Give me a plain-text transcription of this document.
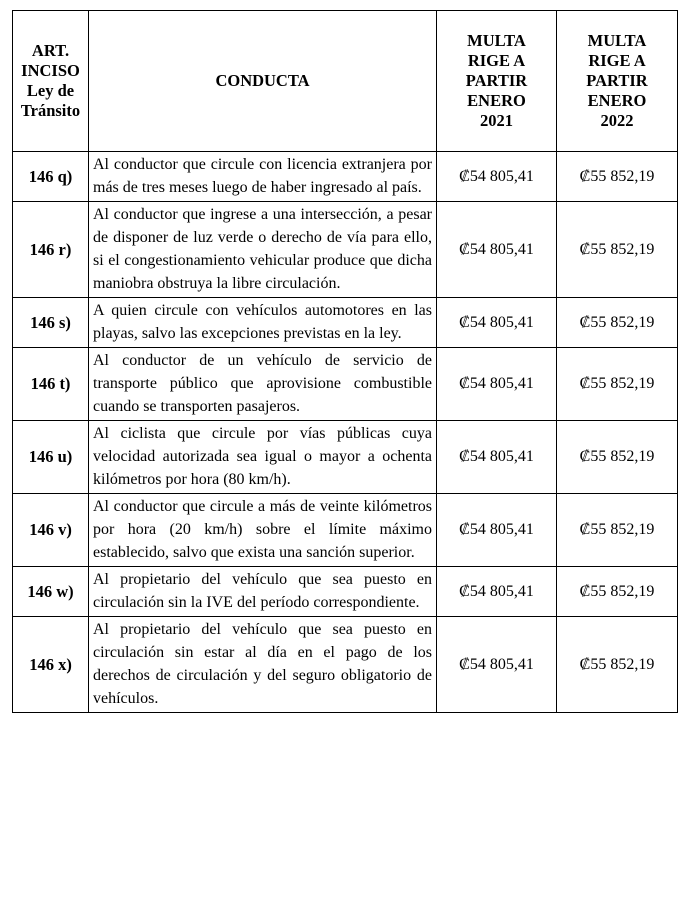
ART.
INCISO
Ley de
Tránsito	CONDUCTA	MULTA
RIGE A
PARTIR
ENERO
2021	MULTA
RIGE A
PARTIR
ENERO
2022

146 q)	Al conductor que circule con licencia extranjera por más de tres meses luego de haber ingresado al país.	₡54 805,41	₡55 852,19
146 r)	Al conductor que ingrese a una intersección, a pesar de disponer de luz verde o derecho de vía para ello, si el congestionamiento vehicular produce que dicha maniobra obstruya la libre circulación.	₡54 805,41	₡55 852,19
146 s)	A quien circule con vehículos automotores en las playas, salvo las excepciones previstas en la ley.	₡54 805,41	₡55 852,19
146 t)	Al conductor de un vehículo de servicio de transporte público que aprovisione combustible cuando se transporten pasajeros.	₡54 805,41	₡55 852,19
146 u)	Al ciclista que circule por vías públicas cuya velocidad autorizada sea igual o mayor a ochenta kilómetros por hora (80 km/h).	₡54 805,41	₡55 852,19
146 v)	Al conductor que circule a más de veinte kilómetros por hora (20 km/h) sobre el límite máximo establecido, salvo que exista una sanción superior.	₡54 805,41	₡55 852,19
146 w)	Al propietario del vehículo que sea puesto en circulación sin la IVE del período correspondiente.	₡54 805,41	₡55 852,19
146 x)	Al propietario del vehículo que sea puesto en circulación sin estar al día en el pago de los derechos de circulación y del seguro obligatorio de vehículos.	₡54 805,41	₡55 852,19
